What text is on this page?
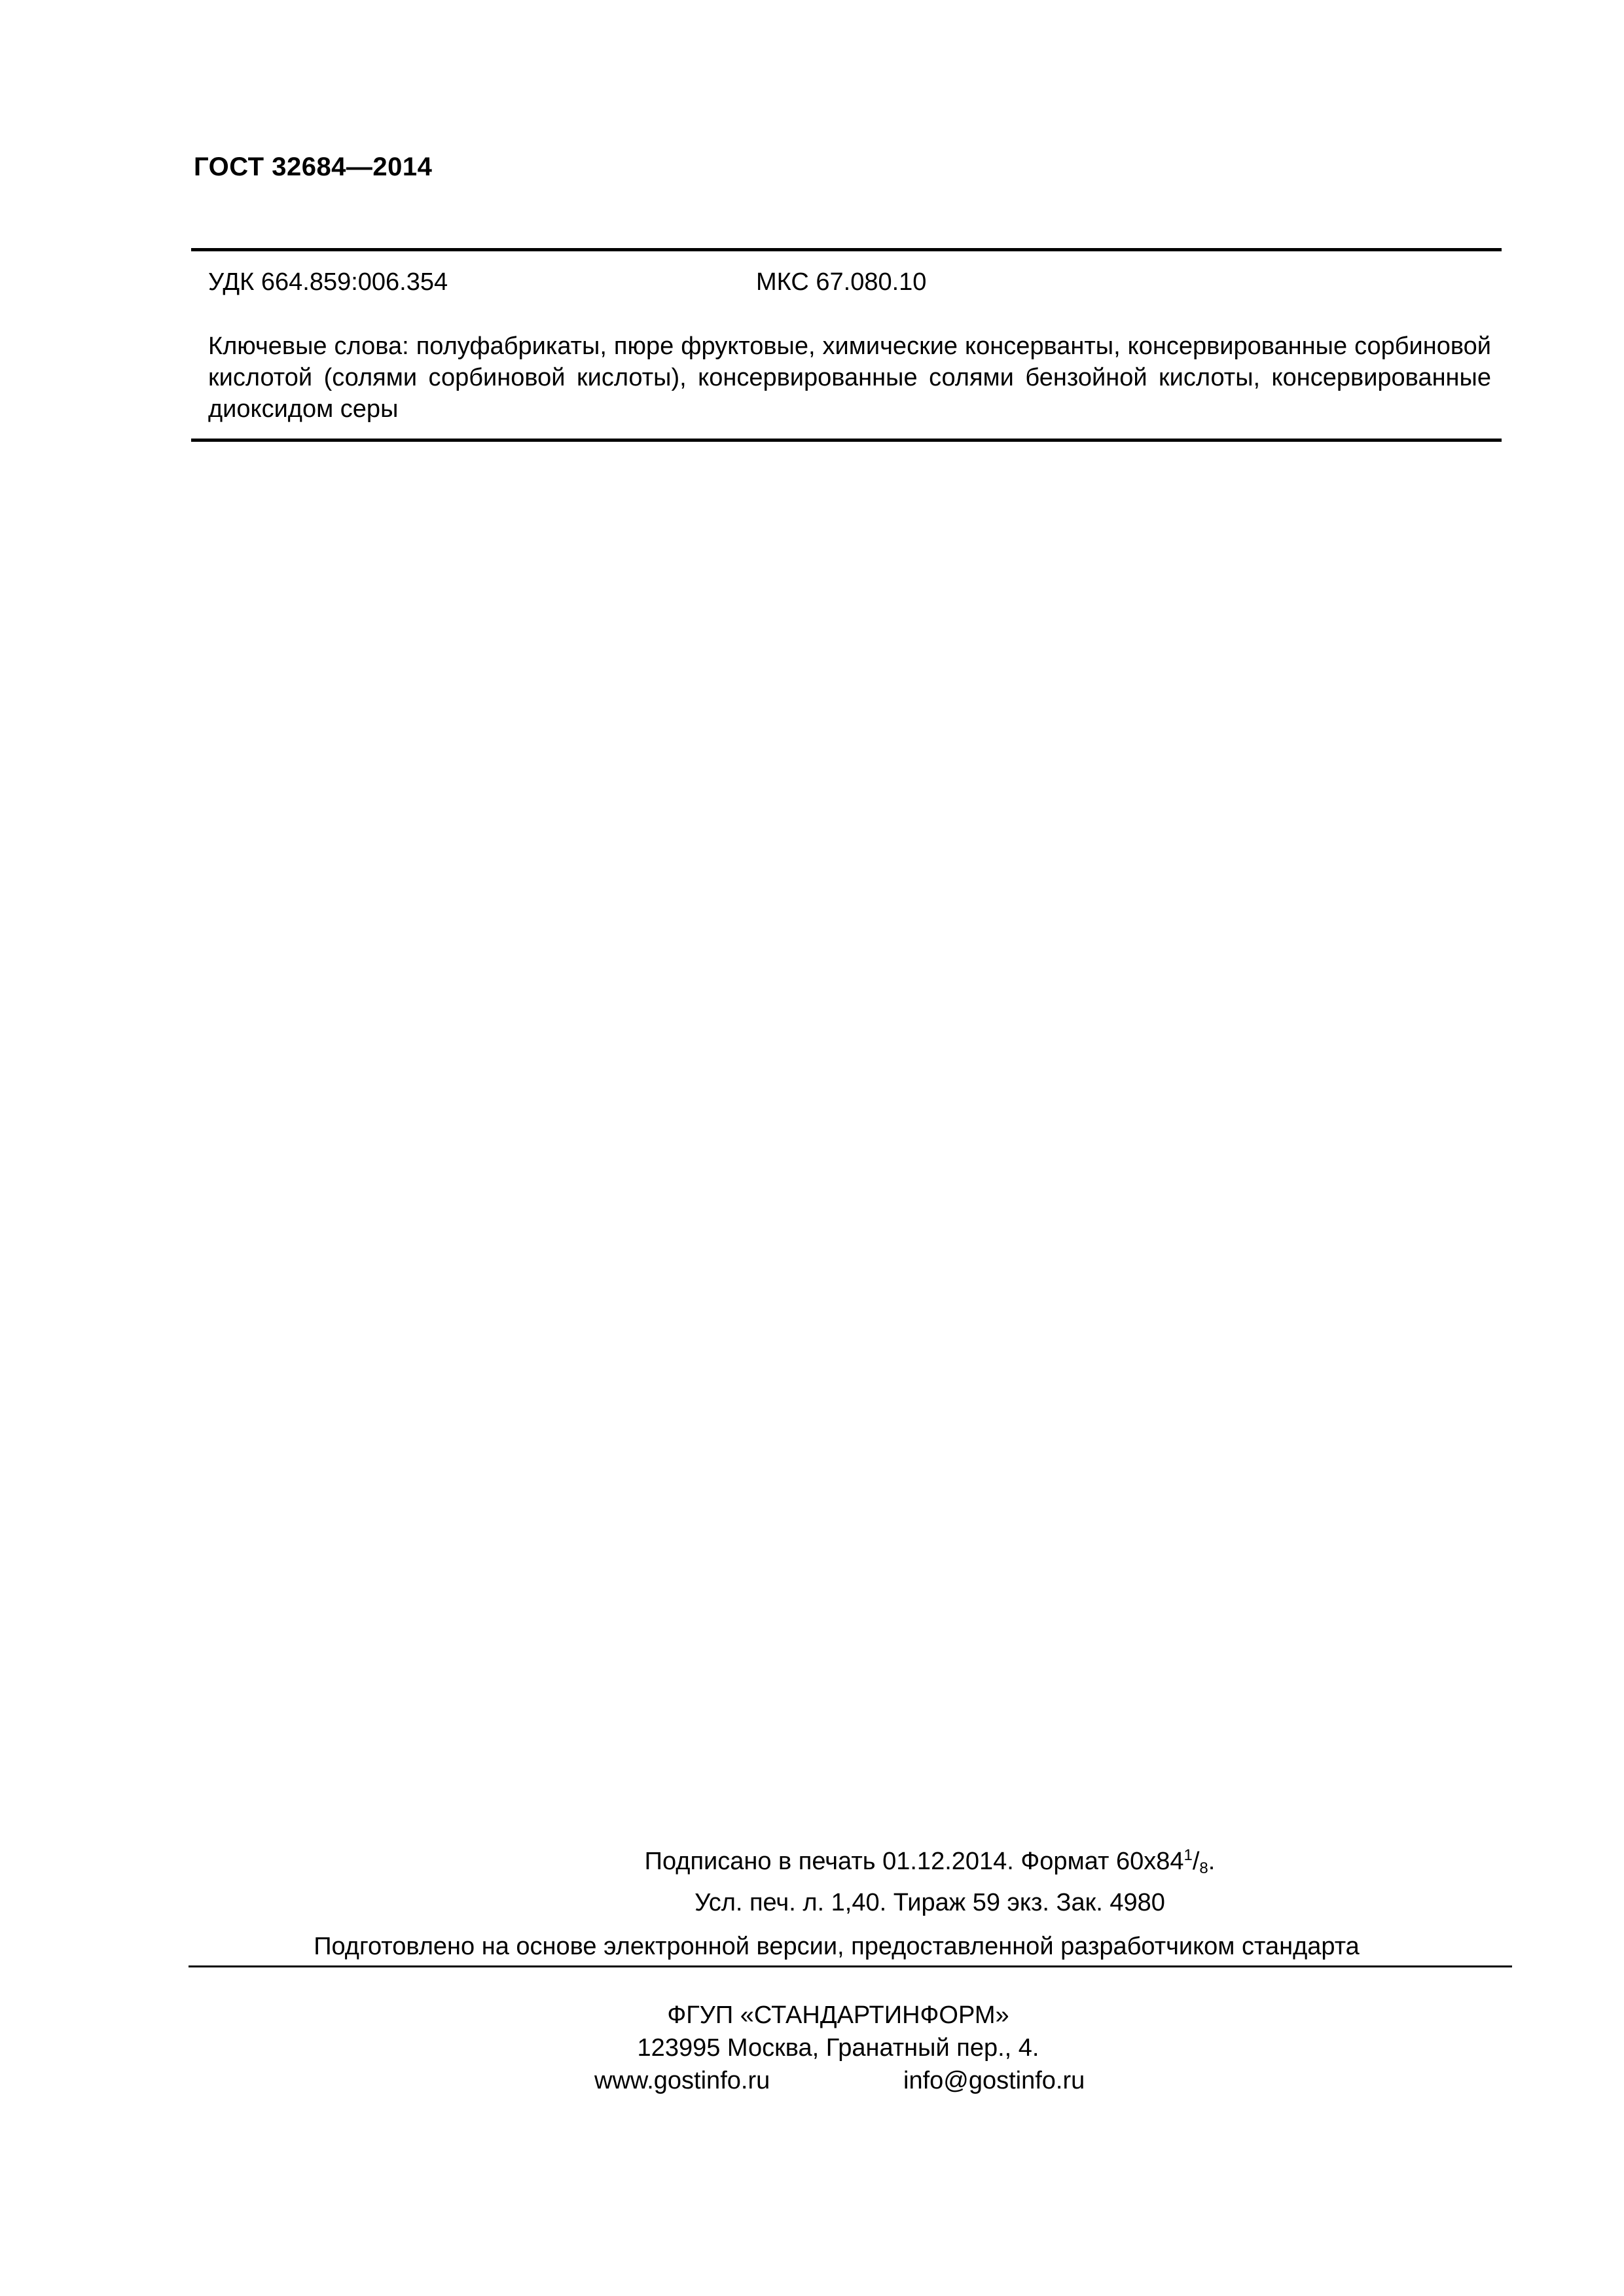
ГОСТ 32684—2014
УДК 664.859:006.354	МКС 67.080.10
Ключевые слова: полуфабрикаты, пюре фруктовые, химические консерванты, консервированные сорбиновой кислотой (солями сорбиновой кислоты), консервированные солями бензойной кислоты, консервированные диоксидом серы
Подписано в печать 01.12.2014. Формат $60х84^1/_8$.
Усл. печ. л. 1,40. Тираж 59 экз. Зак. 4980
Подготовлено на основе электронной версии, предоставленной разработчиком стандарта
ФГУП «СТАНДАРТИНФОРМ»
123995 Москва, Гранатный пер., 4.
www.gostinfo.ru	info@gostinfo.ru
